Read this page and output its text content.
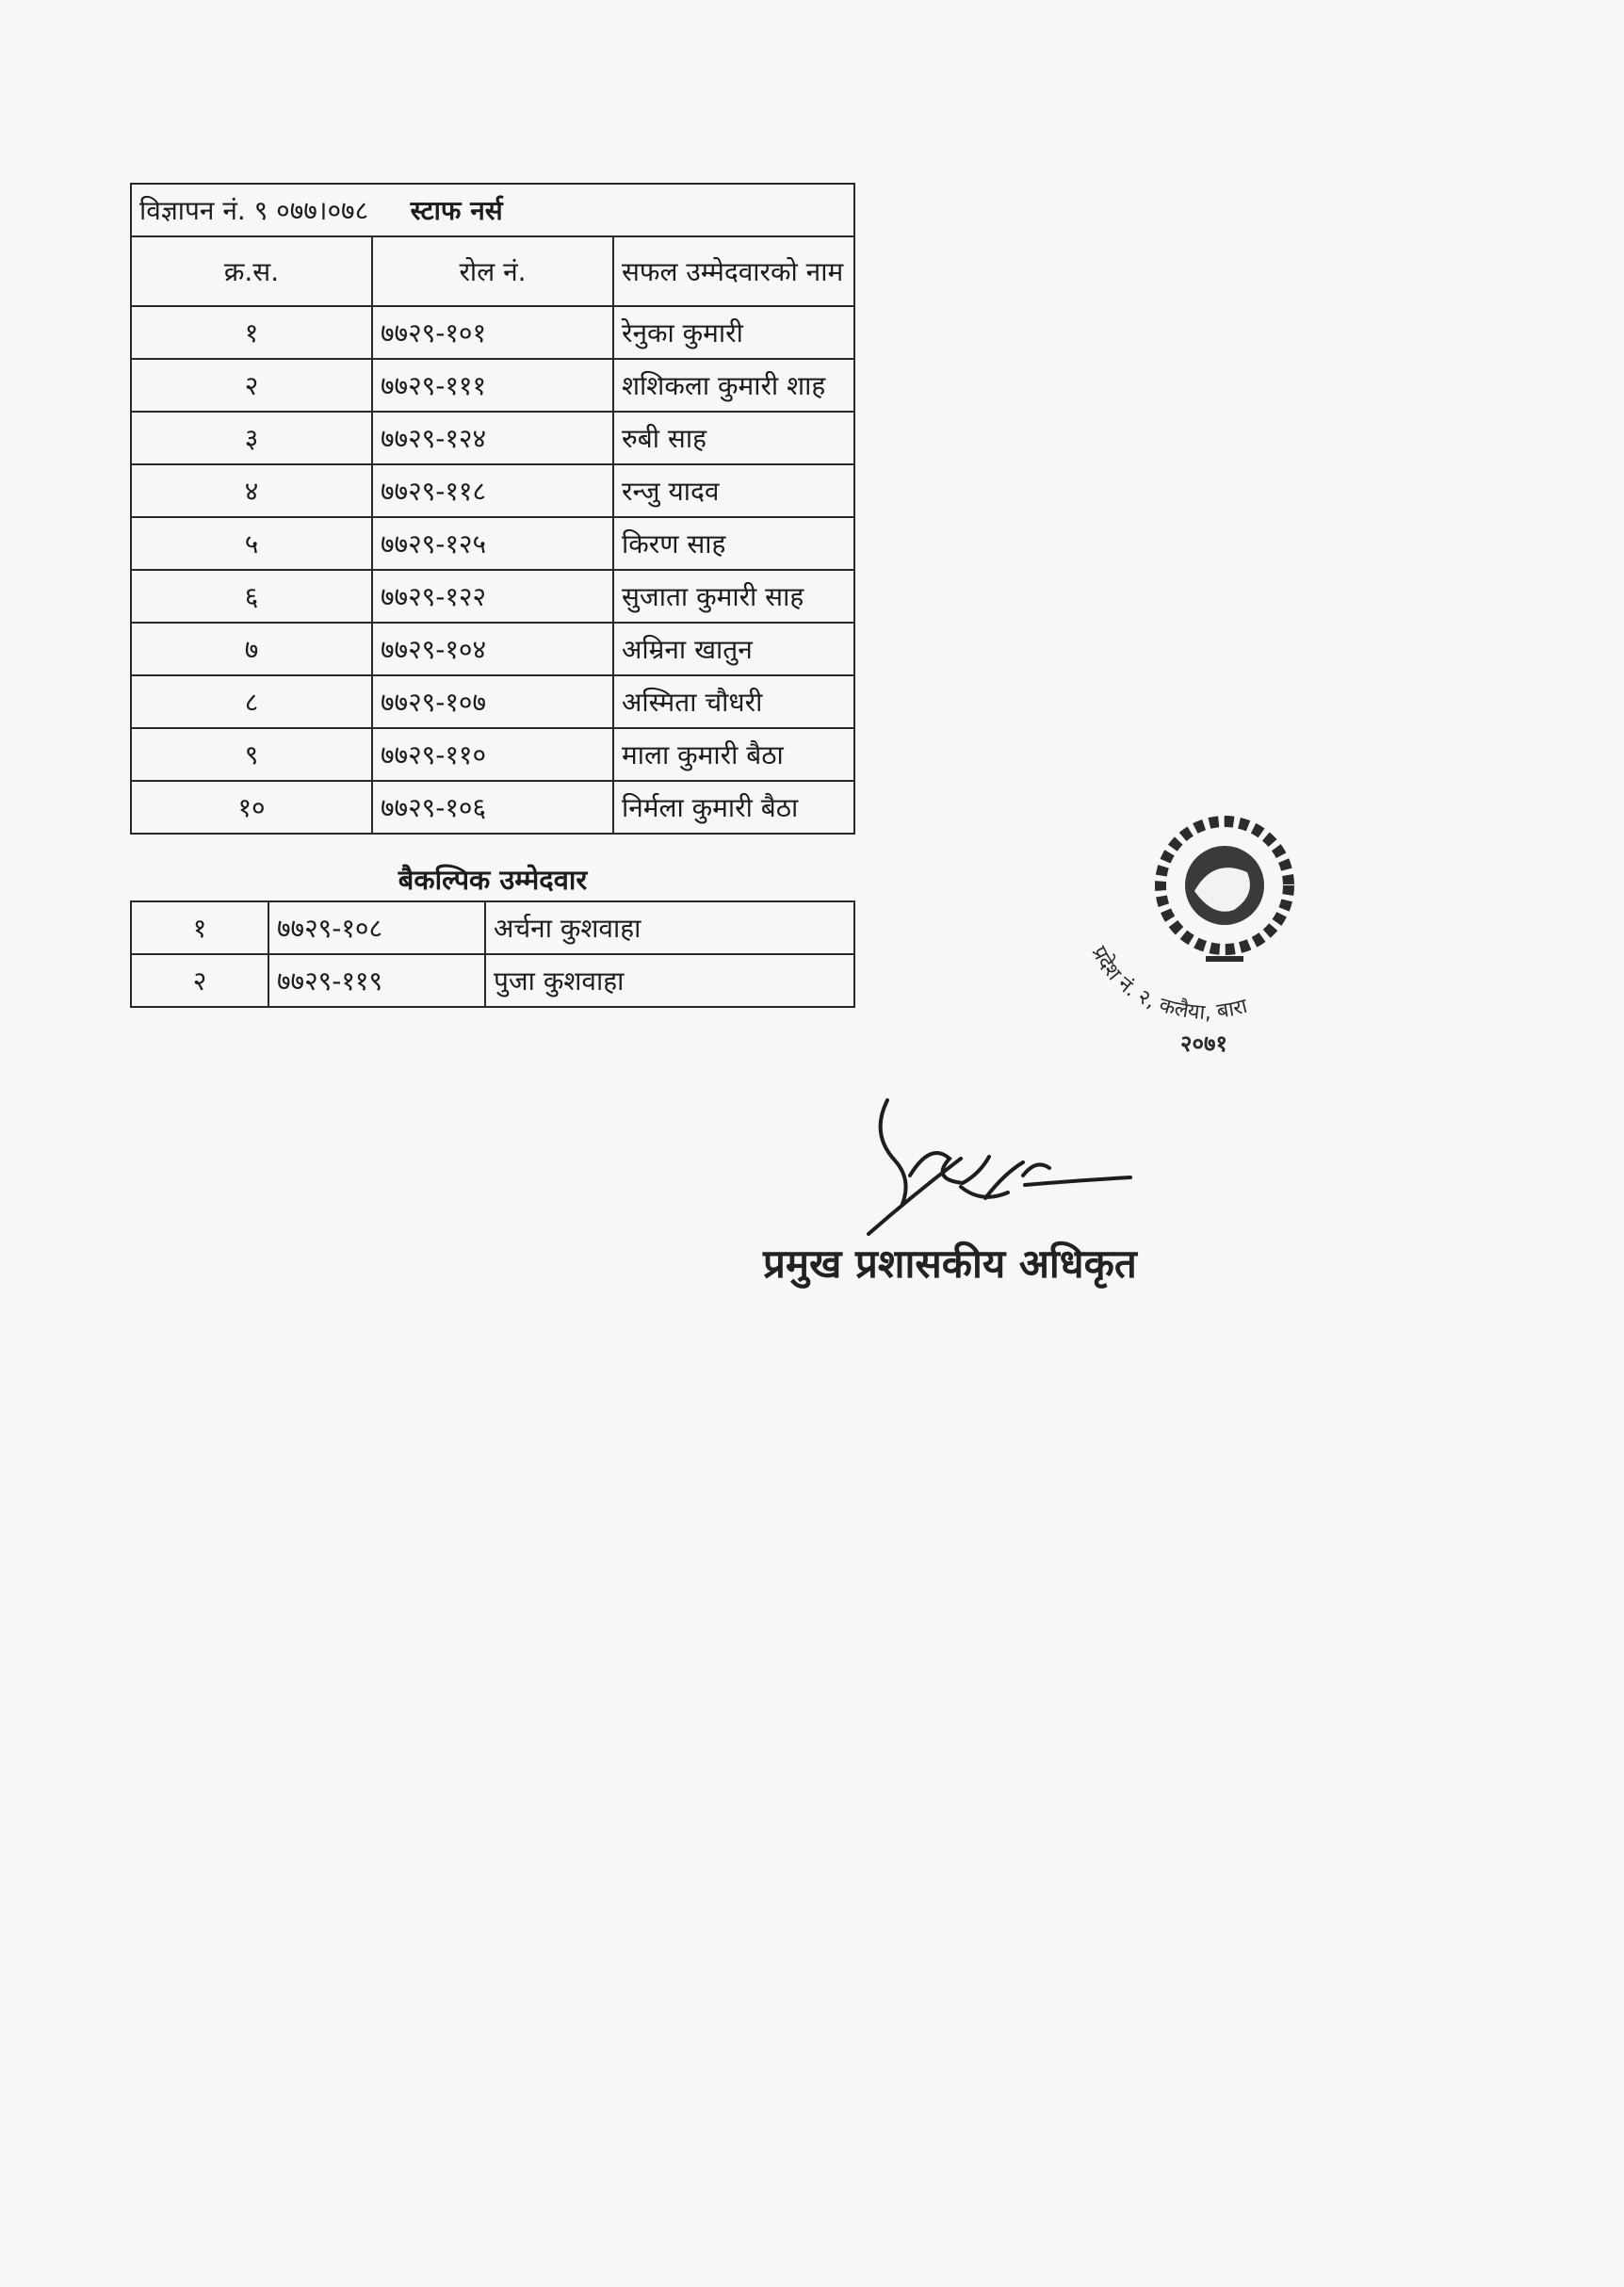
विज्ञापन नं. ९ ०७७।०७८ स्टाफ नर्स		
क्र.स.	रोल नं.	सफल उम्मेदवारको नाम
१	७७२९-१०१	रेनुका कुमारी
२	७७२९-१११	शशिकला कुमारी शाह
३	७७२९-१२४	रुबी साह
४	७७२९-११८	रन्जु यादव
५	७७२९-१२५	किरण साह
६	७७२९-१२२	सुजाता कुमारी साह
७	७७२९-१०४	अम्रिना खातुन
८	७७२९-१०७	अस्मिता चौधरी
९	७७२९-११०	माला कुमारी बैठा
१०	७७२९-१०६	निर्मला कुमारी बैठा
बैकल्पिक उम्मेदवार
१	७७२९-१०८	अर्चना कुशवाहा
२	७७२९-११९	पुजा कुशवाहा
प्रदेश नं. २, कलैया, बारा
२०७१
प्रमुख प्रशासकीय अधिकृत
